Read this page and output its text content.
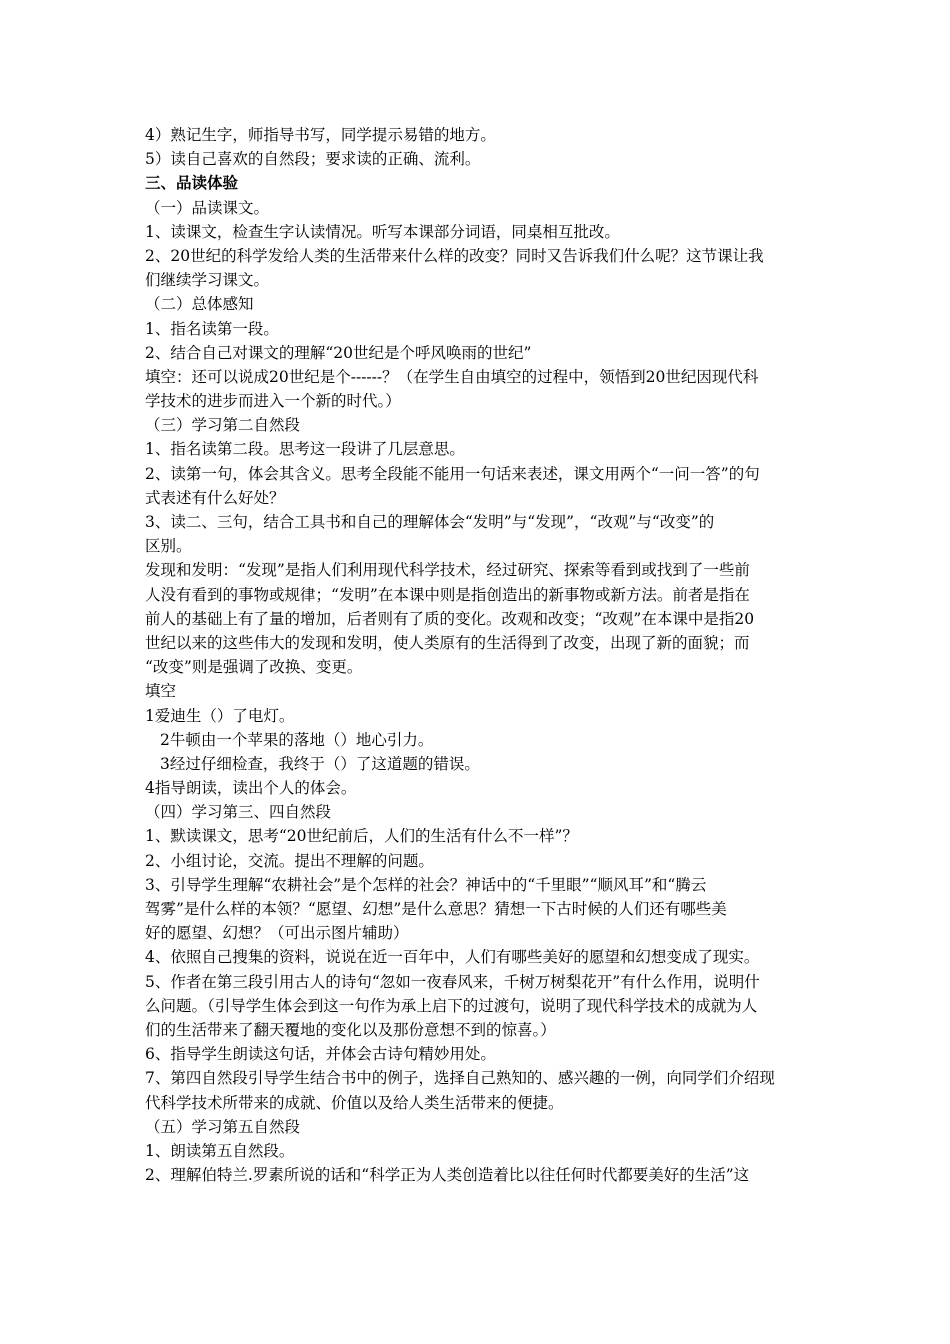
4）熟记生字，师指导书写，同学提示易错的地方。
5）读自己喜欢的自然段；要求读的正确、流利。
三、品读体验
（一）品读课文。
1、读课文，检查生字认读情况。听写本课部分词语，同桌相互批改。
2、20世纪的科学发给人类的生活带来什么样的改变？同时又告诉我们什么呢？这节课让我
们继续学习课文。
（二）总体感知
1、指名读第一段。
2、结合自己对课文的理解“20世纪是个呼风唤雨的世纪”
填空：还可以说成20世纪是个------？（在学生自由填空的过程中，领悟到20世纪因现代科
学技术的进步而进入一个新的时代。）
（三）学习第二自然段
1、指名读第二段。思考这一段讲了几层意思。
2、读第一句，体会其含义。思考全段能不能用一句话来表述，课文用两个“一问一答”的句
式表述有什么好处？
3、读二、三句，结合工具书和自己的理解体会“发明”与“发现”，“改观”与“改变”的
区别。
发现和发明：“发现”是指人们利用现代科学技术，经过研究、探索等看到或找到了一些前
人没有看到的事物或规律；“发明”在本课中则是指创造出的新事物或新方法。前者是指在
前人的基础上有了量的增加，后者则有了质的变化。改观和改变；“改观”在本课中是指20
世纪以来的这些伟大的发现和发明，使人类原有的生活得到了改变，出现了新的面貌；而
“改变”则是强调了改换、变更。
填空
1爱迪生（）了电灯。
2牛顿由一个苹果的落地（）地心引力。
3经过仔细检查，我终于（）了这道题的错误。
4指导朗读，读出个人的体会。
（四）学习第三、四自然段
1、默读课文，思考“20世纪前后，人们的生活有什么不一样”？
2、小组讨论，交流。提出不理解的问题。
3、引导学生理解“农耕社会”是个怎样的社会？神话中的“千里眼”“顺风耳”和“腾云
驾雾”是什么样的本领？“愿望、幻想”是什么意思？猜想一下古时候的人们还有哪些美
好的愿望、幻想？（可出示图片辅助）
4、依照自己搜集的资料，说说在近一百年中，人们有哪些美好的愿望和幻想变成了现实。
5、作者在第三段引用古人的诗句“忽如一夜春风来，千树万树梨花开”有什么作用，说明什
么问题。（引导学生体会到这一句作为承上启下的过渡句，说明了现代科学技术的成就为人
们的生活带来了翻天覆地的变化以及那份意想不到的惊喜。）
6、指导学生朗读这句话，并体会古诗句精妙用处。
7、第四自然段引导学生结合书中的例子，选择自己熟知的、感兴趣的一例，向同学们介绍现
代科学技术所带来的成就、价值以及给人类生活带来的便捷。
（五）学习第五自然段
1、朗读第五自然段。
2、理解伯特兰.罗素所说的话和“科学正为人类创造着比以往任何时代都要美好的生活”这
